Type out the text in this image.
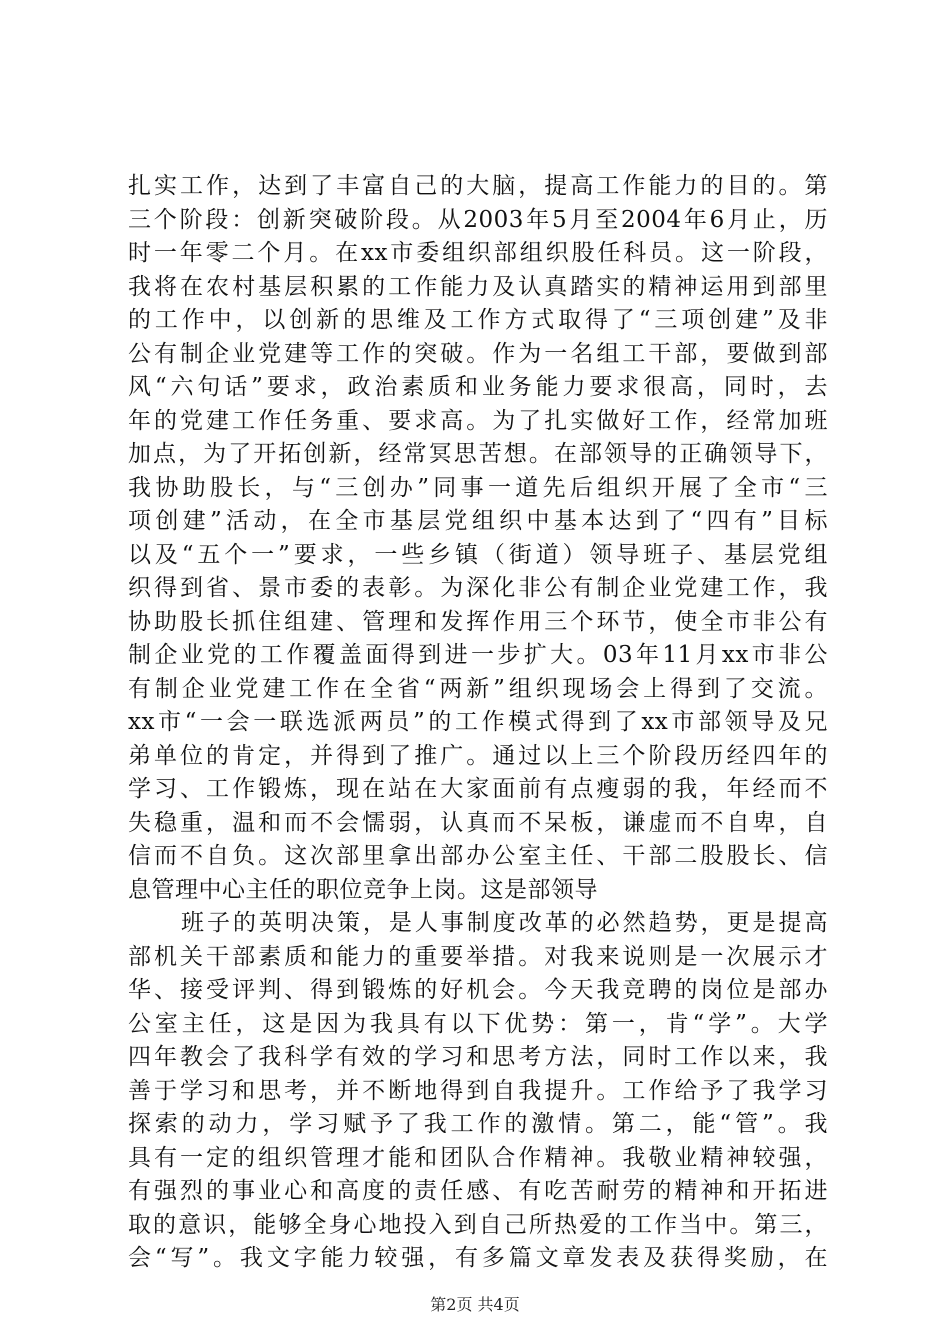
扎实工作，达到了丰富自己的大脑，提高工作能力的目的。第
三个阶段：创新突破阶段。从2003年5月至2004年6月止，历
时一年零二个月。在xx市委组织部组织股任科员。这一阶段，
我将在农村基层积累的工作能力及认真踏实的精神运用到部里
的工作中，以创新的思维及工作方式取得了“三项创建”及非
公有制企业党建等工作的突破。作为一名组工干部，要做到部
风“六句话”要求，政治素质和业务能力要求很高，同时，去
年的党建工作任务重、要求高。为了扎实做好工作，经常加班
加点，为了开拓创新，经常冥思苦想。在部领导的正确领导下，
我协助股长，与“三创办”同事一道先后组织开展了全市“三
项创建”活动，在全市基层党组织中基本达到了“四有”目标
以及“五个一”要求，一些乡镇（街道）领导班子、基层党组
织得到省、景市委的表彰。为深化非公有制企业党建工作，我
协助股长抓住组建、管理和发挥作用三个环节，使全市非公有
制企业党的工作覆盖面得到进一步扩大。03年11月xx市非公
有制企业党建工作在全省“两新”组织现场会上得到了交流。
xx市“一会一联选派两员”的工作模式得到了xx市部领导及兄
弟单位的肯定，并得到了推广。通过以上三个阶段历经四年的
学习、工作锻炼，现在站在大家面前有点瘦弱的我，年经而不
失稳重，温和而不会懦弱，认真而不呆板，谦虚而不自卑，自
信而不自负。这次部里拿出部办公室主任、干部二股股长、信
息管理中心主任的职位竞争上岗。这是部领导
班子的英明决策，是人事制度改革的必然趋势，更是提高
部机关干部素质和能力的重要举措。对我来说则是一次展示才
华、接受评判、得到锻炼的好机会。今天我竞聘的岗位是部办
公室主任，这是因为我具有以下优势：第一，肯“学”。大学
四年教会了我科学有效的学习和思考方法，同时工作以来，我
善于学习和思考，并不断地得到自我提升。工作给予了我学习
探索的动力，学习赋予了我工作的激情。第二，能“管”。我
具有一定的组织管理才能和团队合作精神。我敬业精神较强，
有强烈的事业心和高度的责任感、有吃苦耐劳的精神和开拓进
取的意识，能够全身心地投入到自己所热爱的工作当中。第三，
会“写”。我文字能力较强，有多篇文章发表及获得奖励，在
第2页 共4页
